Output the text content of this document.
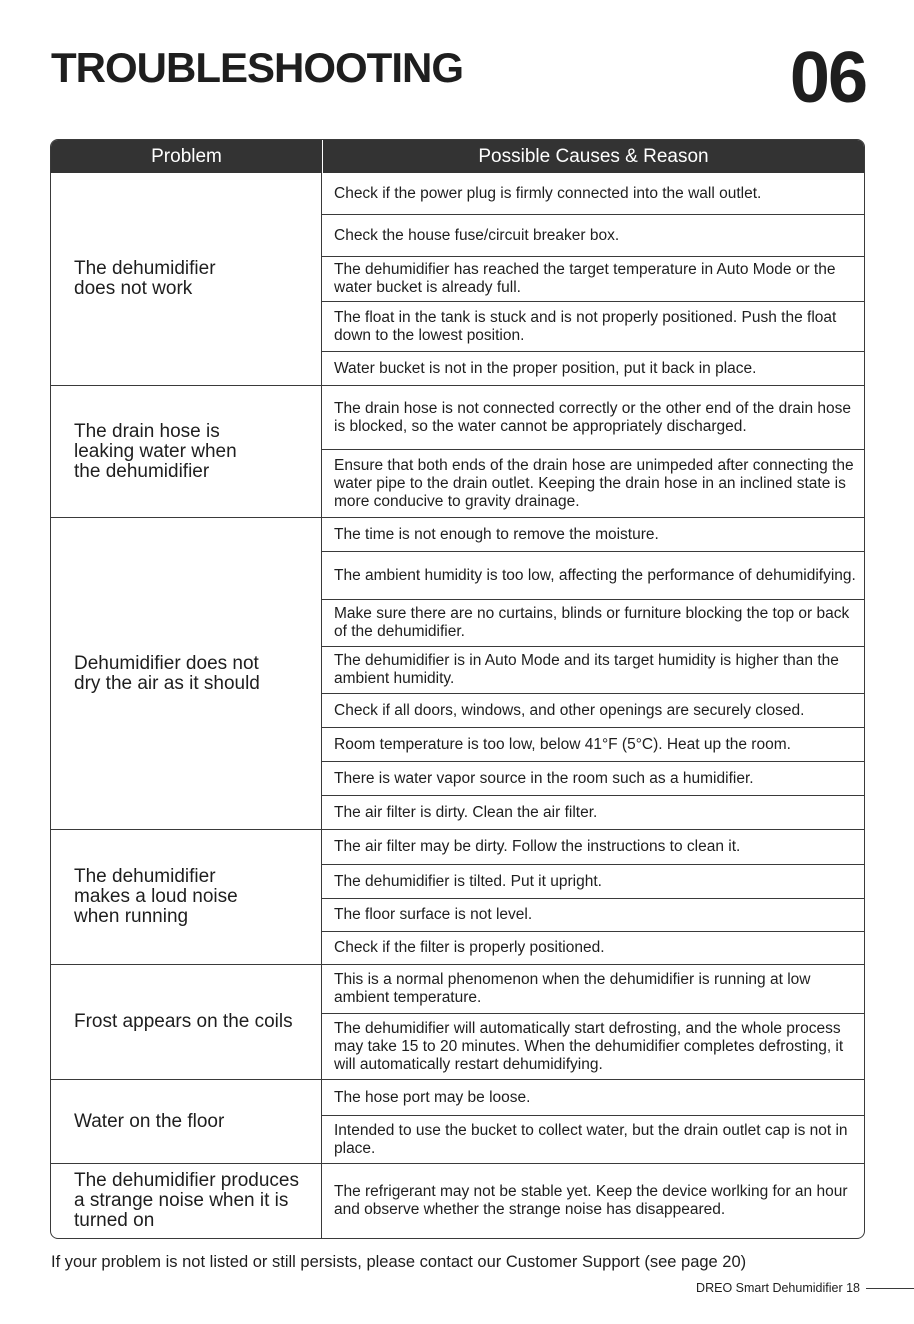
TROUBLESHOOTING	06
Problem	Possible Causes & Reason
The dehumidifier does not work
Check if the power plug is firmly connected into the wall outlet.
Check the house fuse/circuit breaker box.
The dehumidifier has reached the target temperature in Auto Mode or the water bucket is already full.
The float in the tank is stuck and is not properly positioned. Push the float down to the lowest position.
Water bucket is not in the proper position, put it back in place.
The drain hose is leaking water when the dehumidifier
The drain hose is not connected correctly or the other end of the drain hose is blocked, so the water cannot be appropriately discharged.
Ensure that both ends of the drain hose are unimpeded after connecting the water pipe to the drain outlet. Keeping the drain hose in an inclined state is more conducive to gravity drainage.
Dehumidifier does not dry the air as it should
The time is not enough to remove the moisture.
The ambient humidity is too low, affecting the performance of dehumidifying.
Make sure there are no curtains, blinds or furniture blocking the top or back of the dehumidifier.
The dehumidifier is in Auto Mode and its target humidity is higher than the ambient humidity.
Check if all doors, windows, and other openings are securely closed.
Room temperature is too low, below 41°F (5°C). Heat up the room.
There is water vapor source in the room such as a humidifier.
The air filter is dirty. Clean the air filter.
The dehumidifier makes a loud noise when running
The air filter may be dirty. Follow the instructions to clean it.
The dehumidifier is tilted. Put it upright.
The floor surface is not level.
Check if the filter is properly positioned.
Frost appears on the coils
This is a normal phenomenon when the dehumidifier is running at low ambient temperature.
The dehumidifier will automatically start defrosting, and the whole process may take 15 to 20 minutes. When the dehumidifier completes defrosting, it will automatically restart dehumidifying.
Water on the floor
The hose port may be loose.
Intended to use the bucket to collect water, but the drain outlet cap is not in place.
The dehumidifier produces a strange noise when it is turned on
The refrigerant may not be stable yet. Keep the device worlking for an hour and observe whether the strange noise has disappeared.
If your problem is not listed or still persists, please contact our Customer Support (see page 20)
DREO Smart Dehumidifier 18
